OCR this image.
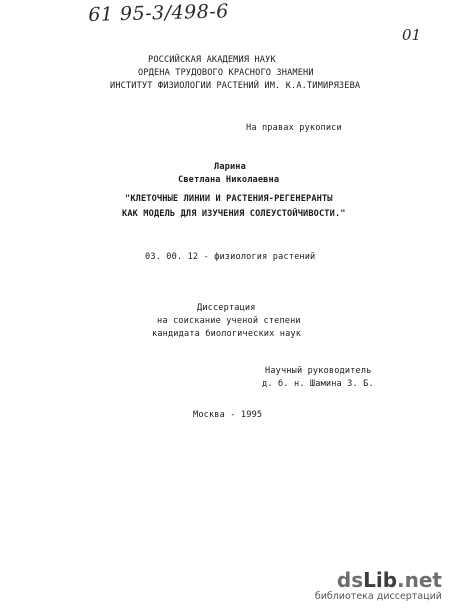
61 95-3/498-6
01
РОССИЙСКАЯ АКАДЕМИЯ НАУК
ОРДЕНА ТРУДОВОГО КРАСНОГО ЗНАМЕНИ
ИНСТИТУТ ФИЗИОЛОГИИ РАСТЕНИЙ ИМ. К.А.ТИМИРЯЗЕВА
На правах рукописи
Ларина
Светлана Николаевна
"КЛЕТОЧНЫЕ ЛИНИИ И РАСТЕНИЯ-РЕГЕНЕРАНТЫ
КАК МОДЕЛЬ ДЛЯ ИЗУЧЕНИЯ СОЛЕУСТОЙЧИВОСТИ."
03. 00. 12 - физиология растений
Диссертация
на соискание ученой степени
кандидата биологических наук
Научный руководитель
д. б. н. Шамина З. Б.
Москва - 1995
dsLib.net
библиотека диссертаций
